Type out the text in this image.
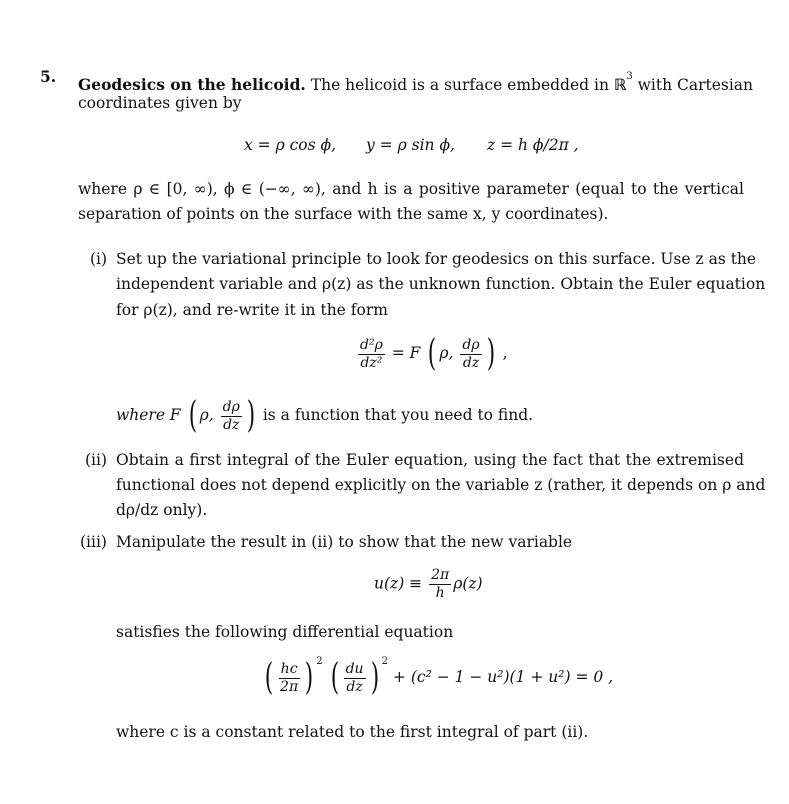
5. Geodesics on the helicoid. The helicoid is a surface embedded in ℝ$^3$ with Cartesian
coordinates given by
x = ρ cos ϕ, y = ρ sin ϕ, z = h ϕ/2π ,
where ρ ∈ [0, ∞), ϕ ∈ (−∞, ∞), and h is a positive parameter (equal to the vertical
separation of points on the surface with the same x, y coordinates).
(i) Set up the variational principle to look for geodesics on this surface. Use z as the
independent variable and ρ(z) as the unknown function. Obtain the Euler equation
for ρ(z), and re-write it in the form
$\frac{\text{d²ρ}}{\text{dz²}} = F$ ( ρ, $\frac{d\rho}{dz}$ ) ,
where F ( ρ, $\frac{d\rho}{dz}$ ) is a function that you need to find.
(ii) Obtain a first integral of the Euler equation, using the fact that the extremised
functional does not depend explicitly on the variable z (rather, it depends on ρ and
dρ/dz only).
(iii) Manipulate the result in (ii) to show that the new variable
$u(z) \equiv \frac{2\pi}{h} \rho(z)$
satisfies the following differential equation
( $\frac{hc}{2\pi}$ ) $^2$ ( $\frac{du}{dz}$ ) $^2$ + (c² − 1 − u²)(1 + u²) = 0 ,
where c is a constant related to the first integral of part (ii).
